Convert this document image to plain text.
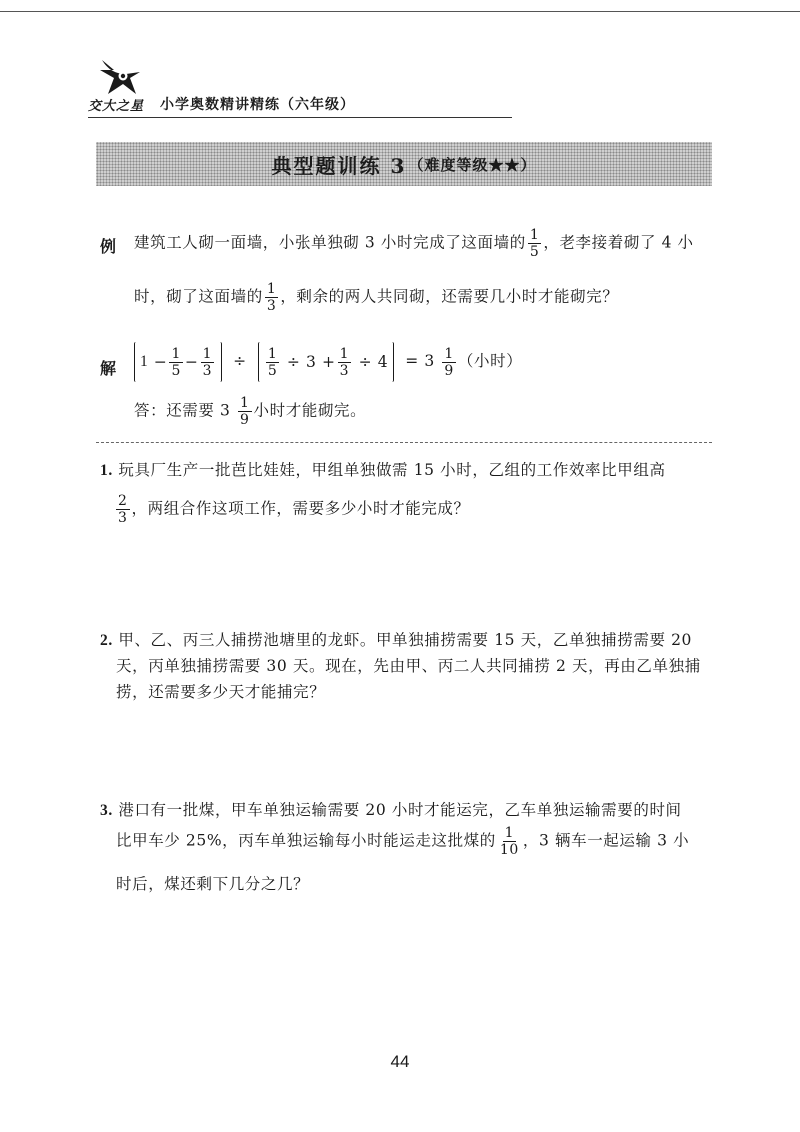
交大之星 小学奥数精讲精练（六年级）
典型题训练 3 （难度等级★★）
例 建筑工人砌一面墙，小张单独砌 3 小时完成了这面墙的 $\frac{1}{5}$ ，老李接着砌了 4 小
时，砌了这面墙的 $\frac{1}{3}$ ，剩余的两人共同砌，还需要几小时才能砌完？
解 1
− $\frac{1}{5} - \frac{1}{3} \div \frac{1}{5}$
÷ $3 + \frac{1}{3}$
÷ $4 = 3 \frac{1}{9}$ （小时）
答：还需要 $3 \frac{1}{9}$ 小时才能砌完。
1. 玩具厂生产一批芭比娃娃，甲组单独做需 15 小时，乙组的工作效率比甲组高
$\frac{2}{3}$ ，两组合作这项工作，需要多少小时才能完成？
2. 甲、乙、丙三人捕捞池塘里的龙虾。甲单独捕捞需要 15 天，乙单独捕捞需要 20
天，丙单独捕捞需要 30 天。现在，先由甲、丙二人共同捕捞 2 天，再由乙单独捕
捞，还需要多少天才能捕完？
3. 港口有一批煤，甲车单独运输需要 20 小时才能运完，乙车单独运输需要的时间
比甲车少 25%，丙车单独运输每小时能运走这批煤的 $\frac{1}{10}$ ，3 辆车一起运输 3 小
时后，煤还剩下几分之几？
44
